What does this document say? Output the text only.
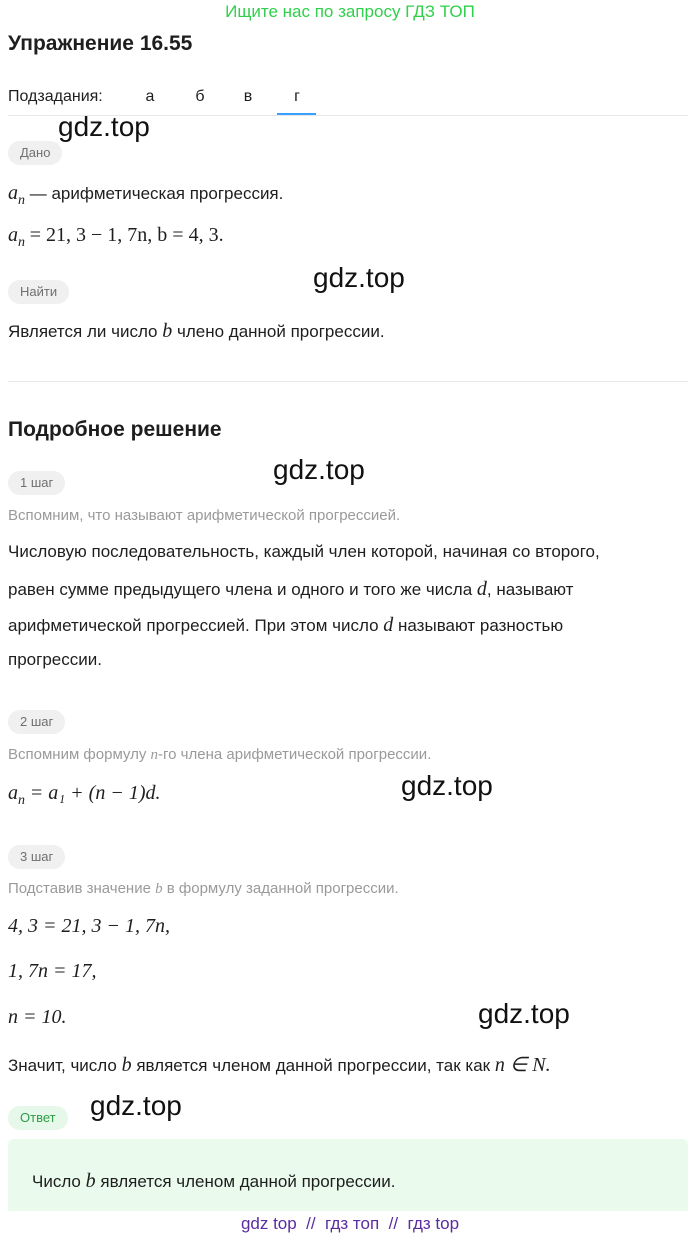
Ищите нас по запросу ГДЗ ТОП
Упражнение 16.55
Подзадания:	а	б	в	г
gdz.top
gdz.top
gdz.top
gdz.top
gdz.top
gdz.top
Дано
$a_n$ — арифметическая прогрессия.
$a_n = 21$, 3 − 1, 7n, b = 4, 3.
Найти
Является ли число b члено данной прогрессии.
Подробное решение
1 шаг
Вспомним, что называют арифметической прогрессией.
Числовую последовательность, каждый член которой, начиная со второго,
равен сумме предыдущего члена и одного и того же числа d, называют
арифметической прогрессией. При этом число d называют разностью
прогрессии.
2 шаг
Вспомним формулу n-го члена арифметической прогрессии.
$a_n = a_1 + (n - 1)d$.
3 шаг
Подставив значение b в формулу заданной прогрессии.
4, 3 = 21, 3 − 1, 7n,
1, 7n = 17,
n = 10.
Значит, число b является членом данной прогрессии, так как n ∈ N.
Ответ
Число b является членом данной прогрессии.
gdz top  //  гдз топ  //  гдз top
